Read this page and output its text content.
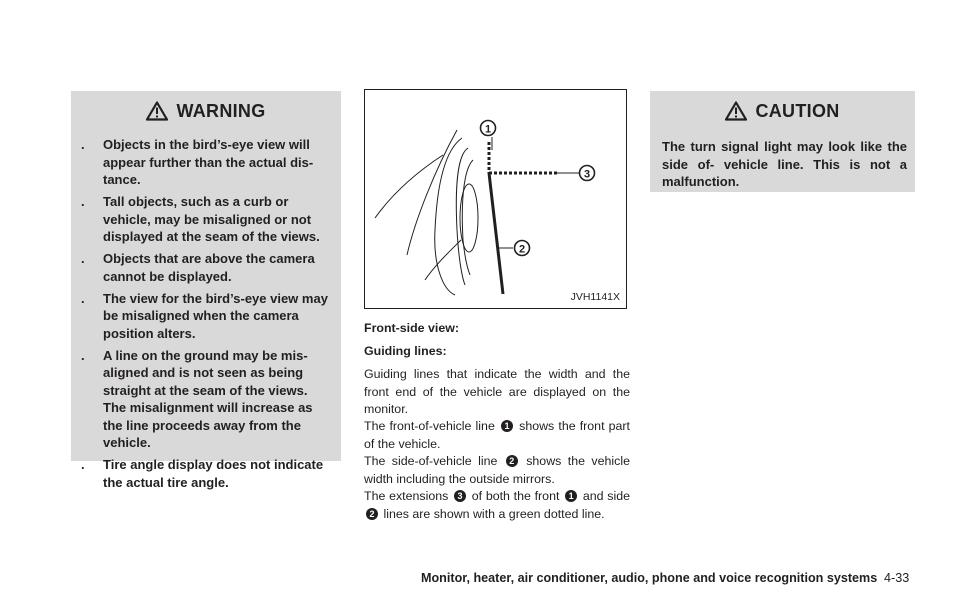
WARNING
. Objects in the bird’s-eye view will appear further than the actual dis-tance.
. Tall objects, such as a curb or vehicle, may be misaligned or not displayed at the seam of the views.
. Objects that are above the camera cannot be displayed.
. The view for the bird’s-eye view may be misaligned when the camera position alters.
. A line on the ground may be mis-aligned and is not seen as being straight at the seam of the views. The misalignment will increase as the line proceeds away from the vehicle.
. Tire angle display does not indicate the actual tire angle.
1
2
3
JVH1141X
Front-side view:
Guiding lines:
Guiding lines that indicate the width and the front end of the vehicle are displayed on the monitor.
The front-of-vehicle line 1 shows the front part of the vehicle.
The side-of-vehicle line 2 shows the vehicle width including the outside mirrors.
The extensions 3 of both the front 1 and side 2 lines are shown with a green dotted line.
CAUTION
The turn signal light may look like the side of- vehicle line. This is not a malfunction.
Monitor, heater, air conditioner, audio, phone and voice recognition systems 4-33
